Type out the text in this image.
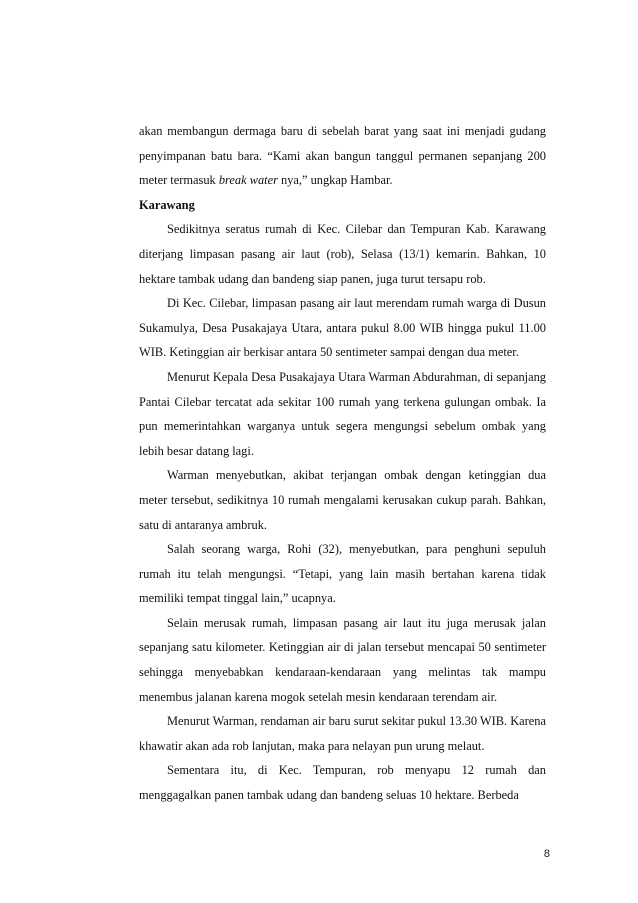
akan membangun dermaga baru di sebelah barat yang saat ini menjadi gudang penyimpanan batu bara. “Kami akan bangun tanggul permanen sepanjang 200 meter termasuk break water nya,” ungkap Hambar.

Karawang

Sedikitnya seratus rumah di Kec. Cilebar dan Tempuran Kab. Karawang diterjang limpasan pasang air laut (rob), Selasa (13/1) kemarin. Bahkan, 10 hektare tambak udang dan bandeng siap panen, juga turut tersapu rob.

Di Kec. Cilebar, limpasan pasang air laut merendam rumah warga di Dusun Sukamulya, Desa Pusakajaya Utara, antara pukul 8.00 WIB hingga pukul 11.00 WIB. Ketinggian air berkisar antara 50 sentimeter sampai dengan dua meter.

Menurut Kepala Desa Pusakajaya Utara Warman Abdurahman, di sepanjang Pantai Cilebar tercatat ada sekitar 100 rumah yang terkena gulungan ombak. Ia pun memerintahkan warganya untuk segera mengungsi sebelum ombak yang lebih besar datang lagi.

Warman menyebutkan, akibat terjangan ombak dengan ketinggian dua meter tersebut, sedikitnya 10 rumah mengalami kerusakan cukup parah. Bahkan, satu di antaranya ambruk.

Salah seorang warga, Rohi (32), menyebutkan, para penghuni sepuluh rumah itu telah mengungsi. “Tetapi, yang lain masih bertahan karena tidak memiliki tempat tinggal lain,” ucapnya.

Selain merusak rumah, limpasan pasang air laut itu juga merusak jalan sepanjang satu kilometer. Ketinggian air di jalan tersebut mencapai 50 sentimeter sehingga menyebabkan kendaraan-kendaraan yang melintas tak mampu menembus jalanan karena mogok setelah mesin kendaraan terendam air.

Menurut Warman, rendaman air baru surut sekitar pukul 13.30 WIB. Karena khawatir akan ada rob lanjutan, maka para nelayan pun urung melaut.

Sementara itu, di Kec. Tempuran, rob menyapu 12 rumah dan menggagalkan panen tambak udang dan bandeng seluas 10 hektare. Berbeda

8
